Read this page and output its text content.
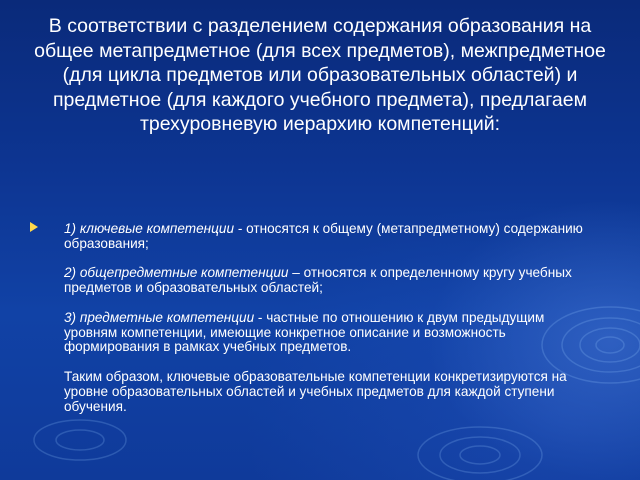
В соответствии с разделением содержания образования на общее метапредметное (для всех предметов), межпредметное (для цикла предметов или образовательных областей) и предметное (для каждого учебного предмета), предлагаем трехуровневую иерархию компетенций:

1) ключевые компетенции - относятся к общему (метапредметному) содержанию образования;

2) общепредметные компетенции – относятся к определенному кругу учебных предметов и образовательных областей;

3) предметные компетенции - частные по отношению к двум предыдущим уровням компетенции, имеющие конкретное описание и возможность формирования в рамках учебных предметов.

Таким образом, ключевые образовательные компетенции конкретизируются на уровне образовательных областей и учебных предметов для каждой ступени обучения.
